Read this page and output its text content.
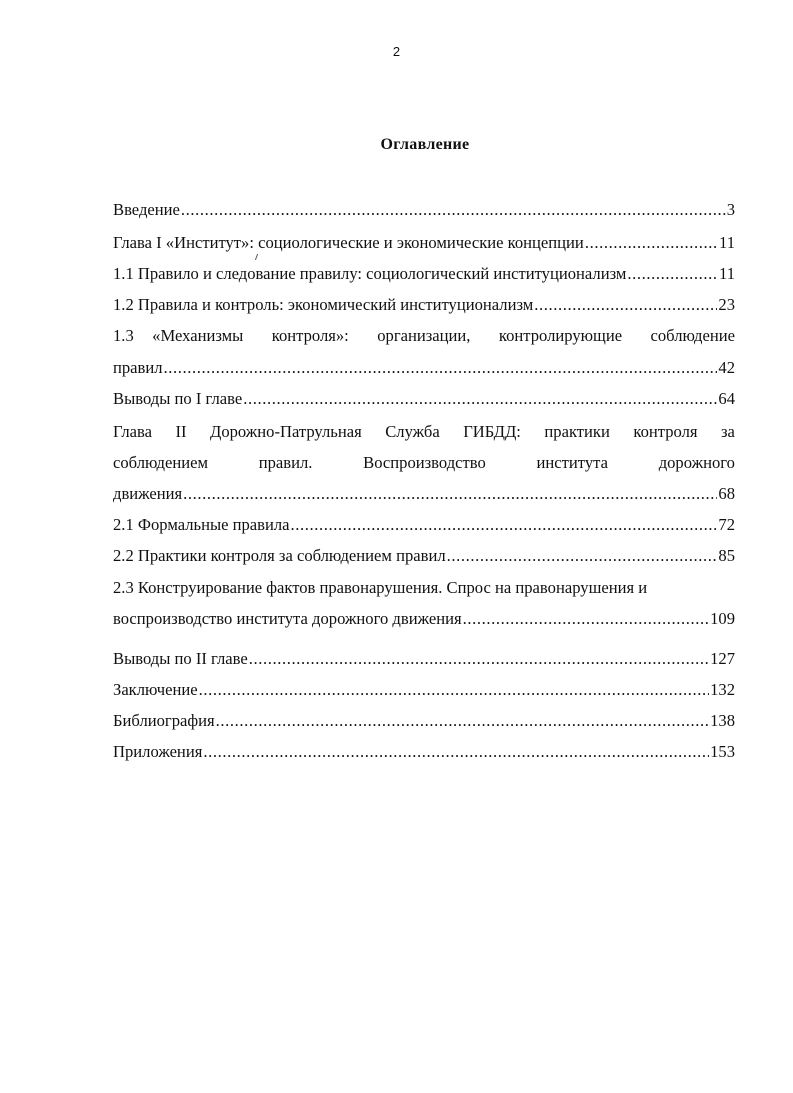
2
Оглавление
Введение .....	3
Глава I «Институт»: социологические и экономические концепции .....	11
1.1 Правило и следование правилу: социологический институционализм .....	11
1.2 Правила и контроль: экономический институционализм .....	23
1.3 «Механизмы контроля»: организации, контролирующие соблюдение
правил .....	42
Выводы по I главе .....	64
Глава II Дорожно-Патрульная Служба ГИБДД: практики контроля за
соблюдением	правил.	Воспроизводство	института	дорожного
движения .....	68
2.1 Формальные правила .....	72
2.2 Практики контроля за соблюдением правил .....	85
2.3 Конструирование фактов правонарушения. Спрос на правонарушения и
воспроизводство института дорожного движения .....	109
Выводы по II главе .....	127
Заключение .....	132
Библиография .....	138
Приложения .....	153
